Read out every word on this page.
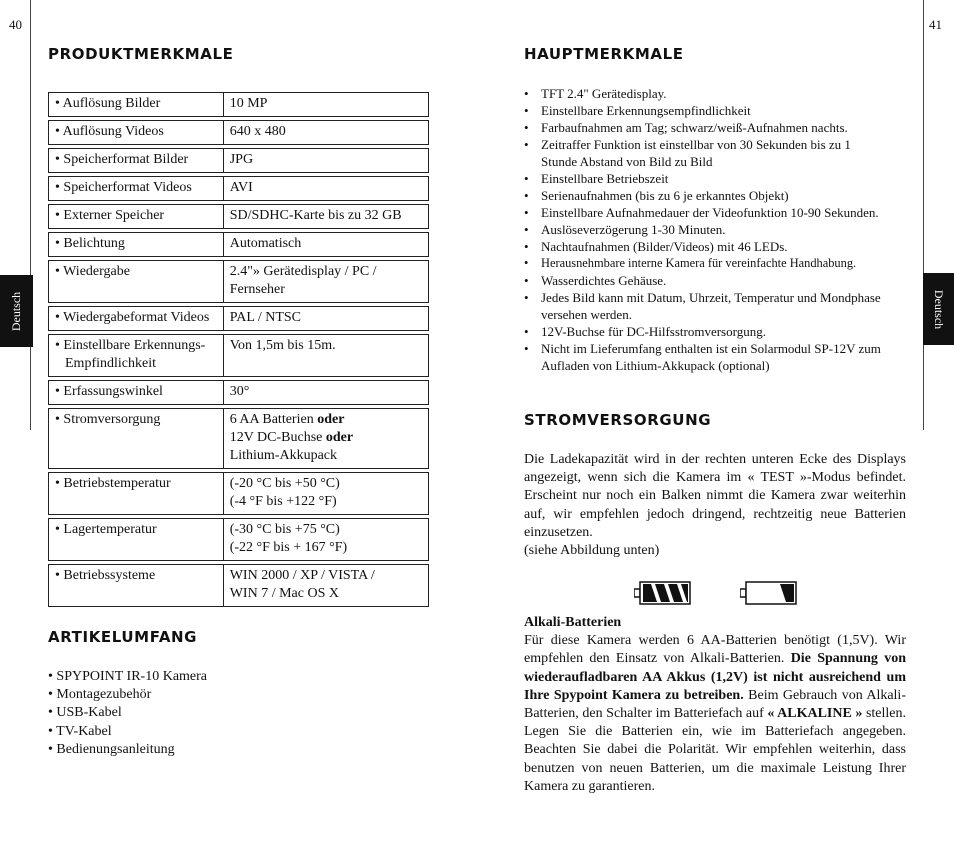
40
Deutsch
PRODUKTMERKMALE
• Auflösung Bilder	10 MP

• Auflösung Videos	640 x 480

• Speicherformat Bilder	JPG

• Speicherformat Videos	AVI

• Externer Speicher	SD/SDHC-Karte bis zu 32 GB

• Belichtung	Automatisch

• Wiedergabe	2.4"» Gerätedisplay / PC / Fernseher

• Wiedergabeformat Videos	PAL / NTSC

• Einstellbare Erkennungs- Empfindlichkeit	Von 1,5m bis 15m.

• Erfassungswinkel	30°

• Stromversorgung	6 AA Batterien oder
12V DC-Buchse oder
Lithium-Akkupack

• Betriebstemperatur	(-20 °C bis +50 °C)
(-4 °F bis +122 °F)

• Lagertemperatur	(-30 °C bis +75 °C)
(-22 °F bis + 167 °F)

• Betriebssysteme	WIN 2000 / XP / VISTA /
WIN 7 / Mac OS X
ARTIKELUMFANG
• SPYPOINT IR-10 Kamera
• Montagezubehör
• USB-Kabel
• TV-Kabel
• Bedienungsanleitung
41
Deutsch
HAUPTMERKMALE
• TFT 2.4" Gerätedisplay.
• Einstellbare Erkennungsempfindlichkeit
• Farbaufnahmen am Tag; schwarz/weiß-Aufnahmen nachts.
• Zeitraffer Funktion ist einstellbar von 30 Sekunden bis zu 1 Stunde Abstand von Bild zu Bild
• Einstellbare Betriebszeit
• Serienaufnahmen (bis zu 6 je erkanntes Objekt)
• Einstellbare Aufnahmedauer der Videofunktion 10-90 Sekunden.
• Auslöseverzögerung 1-30 Minuten.
• Nachtaufnahmen (Bilder/Videos) mit 46 LEDs.
• Herausnehmbare interne Kamera für vereinfachte Handhabung.
• Wasserdichtes Gehäuse.
• Jedes Bild kann mit Datum, Uhrzeit, Temperatur und Mondphase versehen werden.
• 12V-Buchse für DC-Hilfsstromversorgung.
• Nicht im Lieferumfang enthalten ist ein Solarmodul SP-12V zum Aufladen von Lithium-Akkupack (optional)
STROMVERSORGUNG

Die Ladekapazität wird in der rechten unteren Ecke des Displays angezeigt, wenn sich die Kamera im « TEST »-Modus befindet. Erscheint nur noch ein Balken nimmt die Kamera zwar weiterhin auf, wir empfehlen jedoch dringend, rechtzeitig neue Batterien einzusetzen.
(siehe Abbildung unten)

Alkali-Batterien
Für diese Kamera werden 6 AA-Batterien benötigt (1,5V). Wir empfehlen den Einsatz von Alkali-Batterien. Die Spannung von wiederaufladbaren AA Akkus (1,2V) ist nicht ausreichend um Ihre Spypoint Kamera zu betreiben. Beim Gebrauch von Alkali-Batterien, den Schalter im Batteriefach auf « ALKALINE » stellen. Legen Sie die Batterien ein, wie im Batteriefach angegeben. Beachten Sie dabei die Polarität. Wir empfehlen weiterhin, dass benutzen von neuen Batterien, um die maximale Leistung Ihrer Kamera zu garantieren.
